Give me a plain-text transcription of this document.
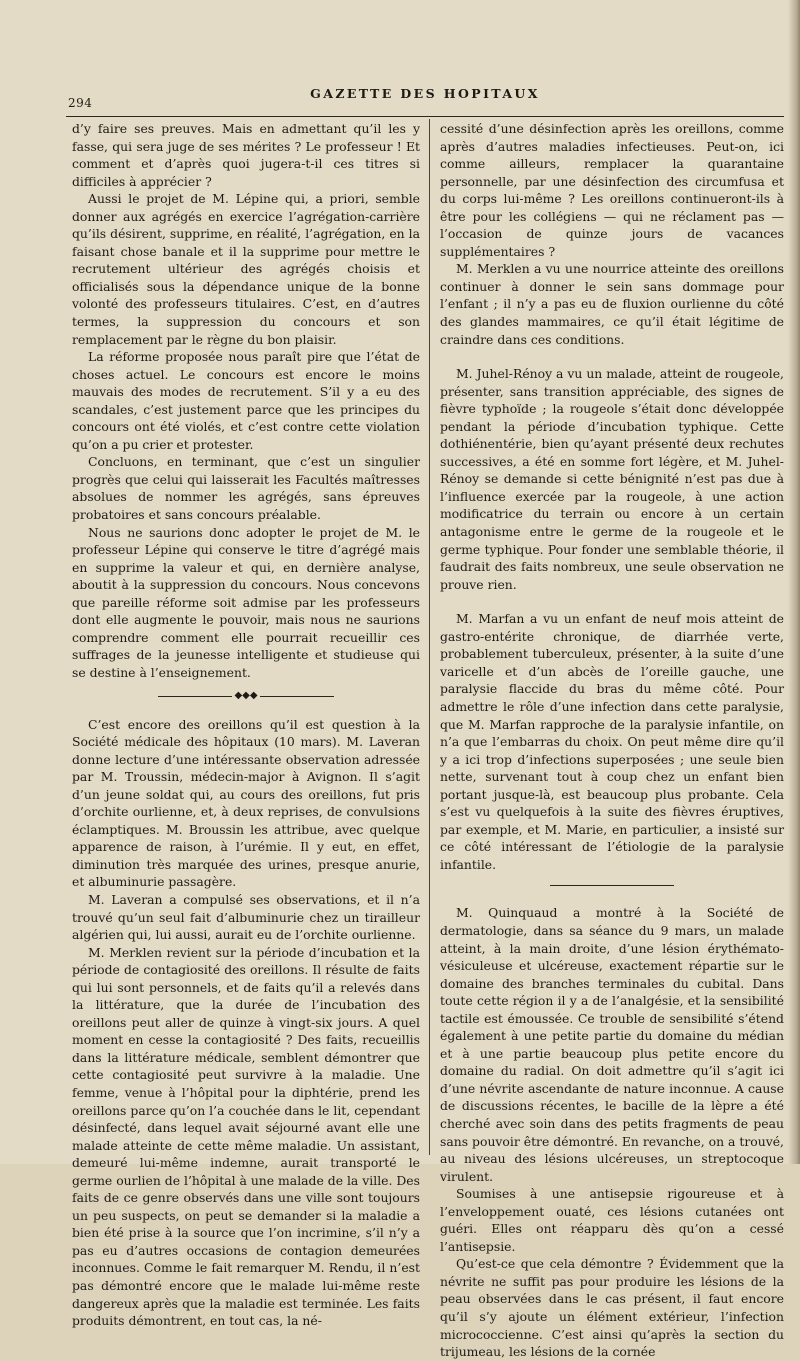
294
GAZETTE DES HOPITAUX

d’y faire ses preuves. Mais en admettant qu’il les y fasse, qui sera juge de ses mérites ? Le professeur ! Et comment et d’après quoi jugera-t-il ces titres si difficiles à apprécier ?

Aussi le projet de M. Lépine qui, a priori, semble donner aux agrégés en exercice l’agrégation-carrière qu’ils désirent, supprime, en réalité, l’agrégation, en la faisant chose banale et il la supprime pour mettre le recrutement ultérieur des agrégés choisis et officialisés sous la dépendance unique de la bonne volonté des professeurs titulaires. C’est, en d’autres termes, la suppression du concours et son remplacement par le règne du bon plaisir.

La réforme proposée nous paraît pire que l’état de choses actuel. Le concours est encore le moins mauvais des modes de recrutement. S’il y a eu des scandales, c’est justement parce que les principes du concours ont été violés, et c’est contre cette violation qu’on a pu crier et protester.

Concluons, en terminant, que c’est un singulier progrès que celui qui laisserait les Facultés maîtresses absolues de nommer les agrégés, sans épreuves probatoires et sans concours préalable.

Nous ne saurions donc adopter le projet de M. le professeur Lépine qui conserve le titre d’agrégé mais en supprime la valeur et qui, en dernière analyse, aboutit à la suppression du concours. Nous concevons que pareille réforme soit admise par les professeurs dont elle augmente le pouvoir, mais nous ne saurions comprendre comment elle pourrait recueillir ces suffrages de la jeunesse intelligente et studieuse qui se destine à l’enseignement.

◆◆◆

C’est encore des oreillons qu’il est question à la Société médicale des hôpitaux (10 mars). M. Laveran donne lecture d’une intéressante observation adressée par M. Troussin, médecin-major à Avignon. Il s’agit d’un jeune soldat qui, au cours des oreillons, fut pris d’orchite ourlienne, et, à deux reprises, de convulsions éclamptiques. M. Broussin les attribue, avec quelque apparence de raison, à l’urémie. Il y eut, en effet, diminution très marquée des urines, presque anurie, et albuminurie passagère.

M. Laveran a compulsé ses observations, et il n’a trouvé qu’un seul fait d’albuminurie chez un tirailleur algérien qui, lui aussi, aurait eu de l’orchite ourlienne.

M. Merklen revient sur la période d’incubation et la période de contagiosité des oreillons. Il résulte de faits qui lui sont personnels, et de faits qu’il a relevés dans la littérature, que la durée de l’incubation des oreillons peut aller de quinze à vingt-six jours. A quel moment en cesse la contagiosité ? Des faits, recueillis dans la littérature médicale, semblent démontrer que cette contagiosité peut survivre à la maladie. Une femme, venue à l’hôpital pour la diphtérie, prend les oreillons parce qu’on l’a couchée dans le lit, cependant désinfecté, dans lequel avait séjourné avant elle une malade atteinte de cette même maladie. Un assistant, demeuré lui-même indemne, aurait transporté le germe ourlien de l’hôpital à une malade de la ville. Des faits de ce genre observés dans une ville sont toujours un peu suspects, on peut se demander si la maladie a bien été prise à la source que l’on incrimine, s’il n’y a pas eu d’autres occasions de contagion demeurées inconnues. Comme le fait remarquer M. Rendu, il n’est pas démontré encore que le malade lui-même reste dangereux après que la maladie est terminée. Les faits produits démontrent, en tout cas, la né-

cessité d’une désinfection après les oreillons, comme après d’autres maladies infectieuses. Peut-on, ici comme ailleurs, remplacer la quarantaine personnelle, par une désinfection des circumfusa et du corps lui-même ? Les oreillons continueront-ils à être pour les collégiens — qui ne réclament pas — l’occasion de quinze jours de vacances supplémentaires ?

M. Merklen a vu une nourrice atteinte des oreillons continuer à donner le sein sans dommage pour l’enfant ; il n’y a pas eu de fluxion ourlienne du côté des glandes mammaires, ce qu’il était légitime de craindre dans ces conditions.

M. Juhel-Rénoy a vu un malade, atteint de rougeole, présenter, sans transition appréciable, des signes de fièvre typhoïde ; la rougeole s’était donc développée pendant la période d’incubation typhique. Cette dothiénentérie, bien qu’ayant présenté deux rechutes successives, a été en somme fort légère, et M. Juhel-Rénoy se demande si cette bénignité n’est pas due à l’influence exercée par la rougeole, à une action modificatrice du terrain ou encore à un certain antagonisme entre le germe de la rougeole et le germe typhique. Pour fonder une semblable théorie, il faudrait des faits nombreux, une seule observation ne prouve rien.

M. Marfan a vu un enfant de neuf mois atteint de gastro-entérite chronique, de diarrhée verte, probablement tuberculeux, présenter, à la suite d’une varicelle et d’un abcès de l’oreille gauche, une paralysie flaccide du bras du même côté. Pour admettre le rôle d’une infection dans cette paralysie, que M. Marfan rapproche de la paralysie infantile, on n’a que l’embarras du choix. On peut même dire qu’il y a ici trop d’infections superposées ; une seule bien nette, survenant tout à coup chez un enfant bien portant jusque-là, est beaucoup plus probante. Cela s’est vu quelquefois à la suite des fièvres éruptives, par exemple, et M. Marie, en particulier, a insisté sur ce côté intéressant de l’étiologie de la paralysie infantile.

M. Quinquaud a montré à la Société de dermatologie, dans sa séance du 9 mars, un malade atteint, à la main droite, d’une lésion érythémato-vésiculeuse et ulcéreuse, exactement répartie sur le domaine des branches terminales du cubital. Dans toute cette région il y a de l’analgésie, et la sensibilité tactile est émoussée. Ce trouble de sensibilité s’étend également à une petite partie du domaine du médian et à une partie beaucoup plus petite encore du domaine du radial. On doit admettre qu’il s’agit ici d’une névrite ascendante de nature inconnue. A cause de discussions récentes, le bacille de la lèpre a été cherché avec soin dans des petits fragments de peau sans pouvoir être démontré. En revanche, on a trouvé, au niveau des lésions ulcéreuses, un streptocoque virulent.

Soumises à une antisepsie rigoureuse et à l’enveloppement ouaté, ces lésions cutanées ont guéri. Elles ont réapparu dès qu’on a cessé l’antisepsie.

Qu’est-ce que cela démontre ? Évidemment que la névrite ne suffit pas pour produire les lésions de la peau observées dans le cas présent, il faut encore qu’il s’y ajoute un élément extérieur, l’infection micrococcienne. C’est ainsi qu’après la section du trijumeau, les lésions de la cornée
